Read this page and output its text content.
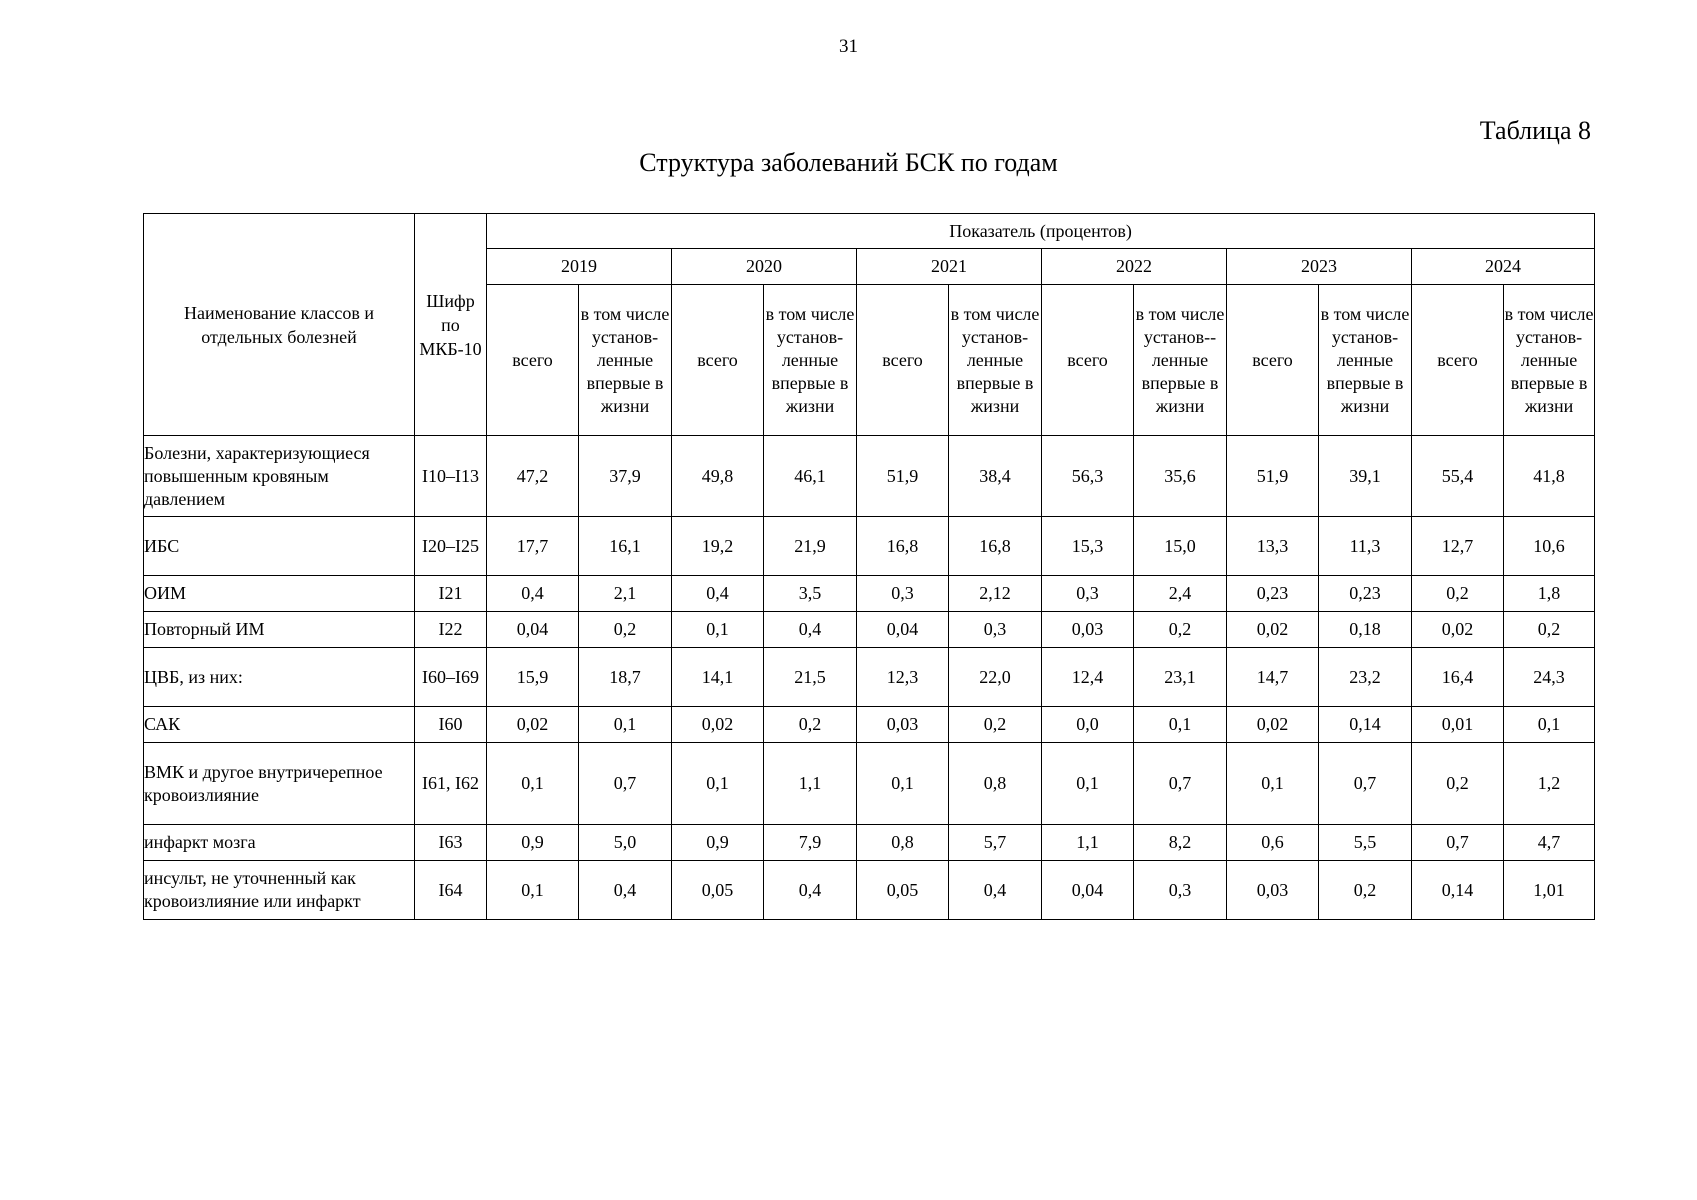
31
Таблица 8
Структура заболеваний БСК по годам
Наименование классов и отдельных болезней	Шифр по МКБ-10	Показатель (процентов)											
		2019		2020		2021		2022		2023		2024	
		всего	в том числе установ-ленные впервые в жизни	всего	в том числе установ-ленные впервые в жизни	всего	в том числе установ-ленные впервые в жизни	всего	в том числе установ--ленные впервые в жизни	всего	в том числе установ-ленные впервые в жизни	всего	в том числе установ-ленные впервые в жизни
Болезни, характеризующиеся повышенным кровяным давлением	I10–I13	47,2	37,9	49,8	46,1	51,9	38,4	56,3	35,6	51,9	39,1	55,4	41,8
ИБС	I20–I25	17,7	16,1	19,2	21,9	16,8	16,8	15,3	15,0	13,3	11,3	12,7	10,6
ОИМ	I21	0,4	2,1	0,4	3,5	0,3	2,12	0,3	2,4	0,23	0,23	0,2	1,8
Повторный ИМ	I22	0,04	0,2	0,1	0,4	0,04	0,3	0,03	0,2	0,02	0,18	0,02	0,2
ЦВБ, из них:	I60–I69	15,9	18,7	14,1	21,5	12,3	22,0	12,4	23,1	14,7	23,2	16,4	24,3
САК	I60	0,02	0,1	0,02	0,2	0,03	0,2	0,0	0,1	0,02	0,14	0,01	0,1
ВМК и другое внутричерепное кровоизлияние	I61, I62	0,1	0,7	0,1	1,1	0,1	0,8	0,1	0,7	0,1	0,7	0,2	1,2
инфаркт мозга	I63	0,9	5,0	0,9	7,9	0,8	5,7	1,1	8,2	0,6	5,5	0,7	4,7
инсульт, не уточненный как кровоизлияние или инфаркт	I64	0,1	0,4	0,05	0,4	0,05	0,4	0,04	0,3	0,03	0,2	0,14	1,01
